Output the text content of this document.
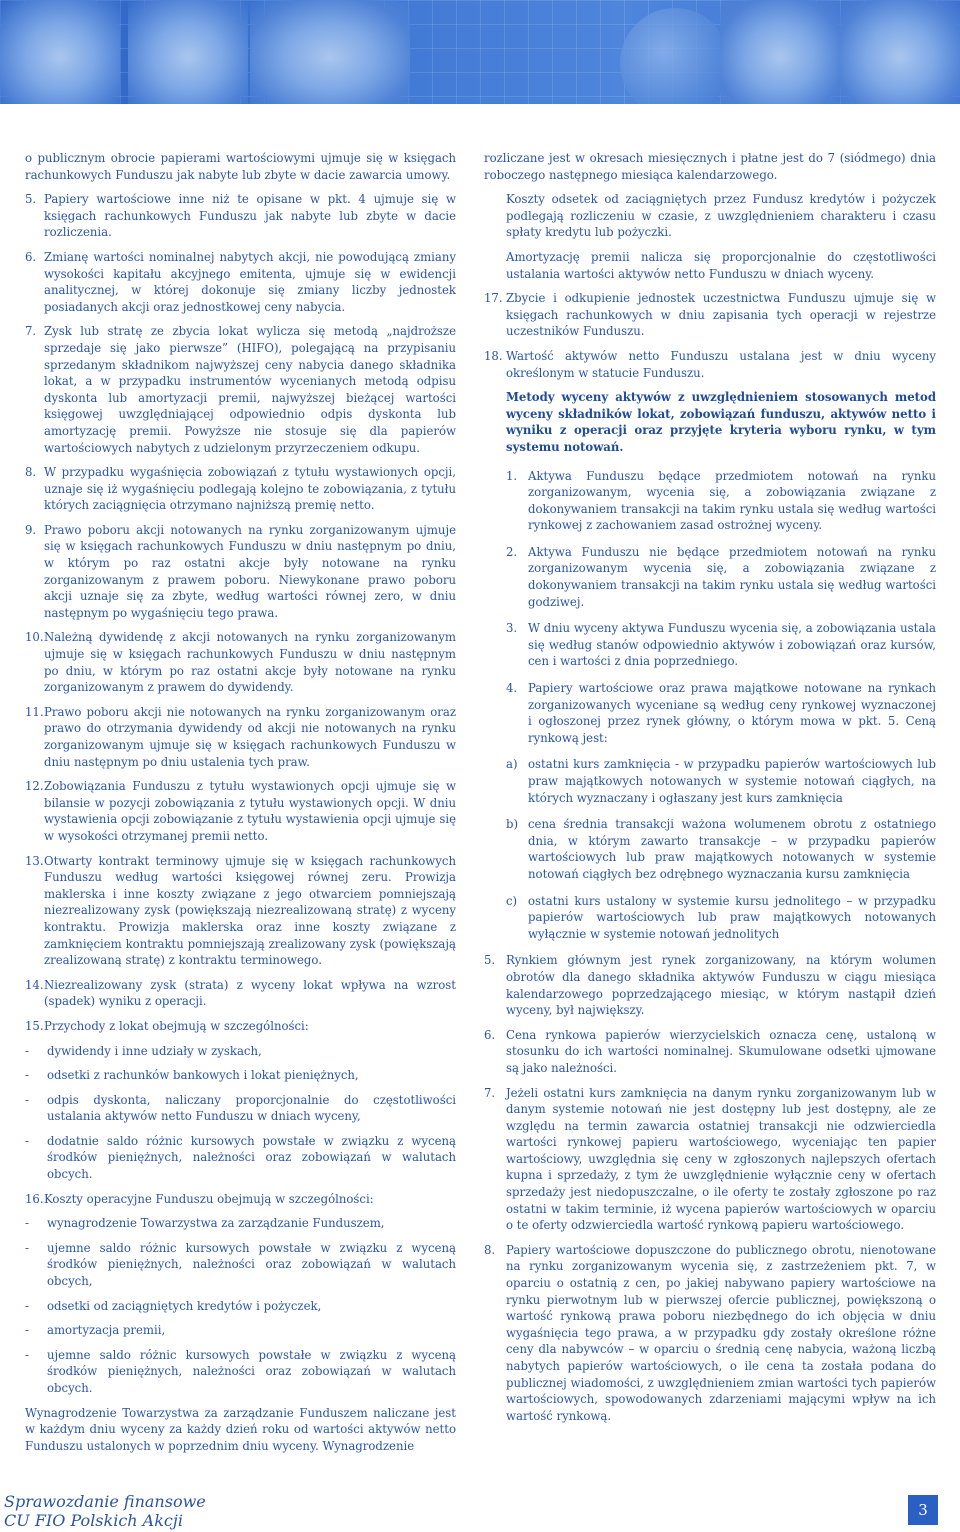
o publicznym obrocie papierami wartościowymi ujmuje się w księgach rachunkowych Funduszu jak nabyte lub zbyte w dacie zawarcia umowy.

5. Papiery wartościowe inne niż te opisane w pkt. 4 ujmuje się w księgach rachunkowych Funduszu jak nabyte lub zbyte w dacie rozliczenia.
6. Zmianę wartości nominalnej nabytych akcji, nie powodującą zmiany wysokości kapitału akcyjnego emitenta, ujmuje się w ewidencji analitycznej, w której dokonuje się zmiany liczby jednostek posiadanych akcji oraz jednostkowej ceny nabycia.
7. Zysk lub stratę ze zbycia lokat wylicza się metodą „najdroższe sprzedaje się jako pierwsze” (HIFO), polegającą na przypisaniu sprzedanym składnikom najwyższej ceny nabycia danego składnika lokat, a w przypadku instrumentów wycenianych metodą odpisu dyskonta lub amortyzacji premii, najwyższej bieżącej wartości księgowej uwzględniającej odpowiednio odpis dyskonta lub amortyzację premii. Powyższe nie stosuje się dla papierów wartościowych nabytych z udzielonym przyrzeczeniem odkupu.
8. W przypadku wygaśnięcia zobowiązań z tytułu wystawionych opcji, uznaje się iż wygaśnięciu podlegają kolejno te zobowiązania, z tytułu których zaciągnięcia otrzymano najniższą premię netto.
9. Prawo poboru akcji notowanych na rynku zorganizowanym ujmuje się w księgach rachunkowych Funduszu w dniu następnym po dniu, w którym po raz ostatni akcje były notowane na rynku zorganizowanym z prawem poboru. Niewykonane prawo poboru akcji uznaje się za zbyte, według wartości równej zero, w dniu następnym po wygaśnięciu tego prawa.
10. Należną dywidendę z akcji notowanych na rynku zorganizowanym ujmuje się w księgach rachunkowych Funduszu w dniu następnym po dniu, w którym po raz ostatni akcje były notowane na rynku zorganizowanym z prawem do dywidendy.
11. Prawo poboru akcji nie notowanych na rynku zorganizowanym oraz prawo do otrzymania dywidendy od akcji nie notowanych na rynku zorganizowanym ujmuje się w księgach rachunkowych Funduszu w dniu następnym po dniu ustalenia tych praw.
12. Zobowiązania Funduszu z tytułu wystawionych opcji ujmuje się w bilansie w pozycji zobowiązania z tytułu wystawionych opcji. W dniu wystawienia opcji zobowiązanie z tytułu wystawienia opcji ujmuje się w wysokości otrzymanej premii netto.
13. Otwarty kontrakt terminowy ujmuje się w księgach rachunkowych Funduszu według wartości księgowej równej zeru. Prowizja maklerska i inne koszty związane z jego otwarciem pomniejszają niezrealizowany zysk (powiększają niezrealizowaną stratę) z wyceny kontraktu. Prowizja maklerska oraz inne koszty związane z zamknięciem kontraktu pomniejszają zrealizowany zysk (powiększają zrealizowaną stratę) z kontraktu terminowego.
14. Niezrealizowany zysk (strata) z wyceny lokat wpływa na wzrost (spadek) wyniku z operacji.
15. Przychody z lokat obejmują w szczególności:
-	dywidendy i inne udziały w zyskach,
-	odsetki z rachunków bankowych i lokat pieniężnych,
-	odpis dyskonta, naliczany proporcjonalnie do częstotliwości ustalania aktywów netto Funduszu w dniach wyceny,
-	dodatnie saldo różnic kursowych powstałe w związku z wyceną środków pieniężnych, należności oraz zobowiązań w walutach obcych.
16. Koszty operacyjne Funduszu obejmują w szczególności:
-	wynagrodzenie Towarzystwa za zarządzanie Funduszem,
-	ujemne saldo różnic kursowych powstałe w związku z wyceną środków pieniężnych, należności oraz zobowiązań w walutach obcych,
-	odsetki od zaciągniętych kredytów i pożyczek,
-	amortyzacja premii,
-	ujemne saldo różnic kursowych powstałe w związku z wyceną środków pieniężnych, należności oraz zobowiązań w walutach obcych.

Wynagrodzenie Towarzystwa za zarządzanie Funduszem naliczane jest w każdym dniu wyceny za każdy dzień roku od wartości aktywów netto Funduszu ustalonych w poprzednim dniu wyceny. Wynagrodzenie

rozliczane jest w okresach miesięcznych i płatne jest do 7 (siódmego) dnia roboczego następnego miesiąca kalendarzowego.

Koszty odsetek od zaciągniętych przez Fundusz kredytów i pożyczek podlegają rozliczeniu w czasie, z uwzględnieniem charakteru i czasu spłaty kredytu lub pożyczki.

Amortyzację premii nalicza się proporcjonalnie do częstotliwości ustalania wartości aktywów netto Funduszu w dniach wyceny.

17. Zbycie i odkupienie jednostek uczestnictwa Funduszu ujmuje się w księgach rachunkowych w dniu zapisania tych operacji w rejestrze uczestników Funduszu.
18. Wartość aktywów netto Funduszu ustalana jest w dniu wyceny określonym w statucie Funduszu.

Metody wyceny aktywów z uwzględnieniem stosowanych metod wyceny składników lokat, zobowiązań funduszu, aktywów netto i wyniku z operacji oraz przyjęte kryteria wyboru rynku, w tym systemu notowań.

1. Aktywa Funduszu będące przedmiotem notowań na rynku zorganizowanym, wycenia się, a zobowiązania związane z dokonywaniem transakcji na takim rynku ustala się według wartości rynkowej z zachowaniem zasad ostrożnej wyceny.
2. Aktywa Funduszu nie będące przedmiotem notowań na rynku zorganizowanym wycenia się, a zobowiązania związane z dokonywaniem transakcji na takim rynku ustala się według wartości godziwej.
3. W dniu wyceny aktywa Funduszu wycenia się, a zobowiązania ustala się według stanów odpowiednio aktywów i zobowiązań oraz kursów, cen i wartości z dnia poprzedniego.
4. Papiery wartościowe oraz prawa majątkowe notowane na rynkach zorganizowanych wyceniane są według ceny rynkowej wyznaczonej i ogłoszonej przez rynek główny, o którym mowa w pkt. 5. Ceną rynkową jest:
a) ostatni kurs zamknięcia - w przypadku papierów wartościowych lub praw majątkowych notowanych w systemie notowań ciągłych, na których wyznaczany i ogłaszany jest kurs zamknięcia
b) cena średnia transakcji ważona wolumenem obrotu z ostatniego dnia, w którym zawarto transakcje – w przypadku papierów wartościowych lub praw majątkowych notowanych w systemie notowań ciągłych bez odrębnego wyznaczania kursu zamknięcia
c) ostatni kurs ustalony w systemie kursu jednolitego – w przypadku papierów wartościowych lub praw majątkowych notowanych wyłącznie w systemie notowań jednolitych
5. Rynkiem głównym jest rynek zorganizowany, na którym wolumen obrotów dla danego składnika aktywów Funduszu w ciągu miesiąca kalendarzowego poprzedzającego miesiąc, w którym nastąpił dzień wyceny, był największy.
6. Cena rynkowa papierów wierzycielskich oznacza cenę, ustaloną w stosunku do ich wartości nominalnej. Skumulowane odsetki ujmowane są jako należności.
7. Jeżeli ostatni kurs zamknięcia na danym rynku zorganizowanym lub w danym systemie notowań nie jest dostępny lub jest dostępny, ale ze względu na termin zawarcia ostatniej transakcji nie odzwierciedla wartości rynkowej papieru wartościowego, wyceniając ten papier wartościowy, uwzględnia się ceny w zgłoszonych najlepszych ofertach kupna i sprzedaży, z tym że uwzględnienie wyłącznie ceny w ofertach sprzedaży jest niedopuszczalne, o ile oferty te zostały zgłoszone po raz ostatni w takim terminie, iż wycena papierów wartościowych w oparciu o te oferty odzwierciedla wartość rynkową papieru wartościowego.
8. Papiery wartościowe dopuszczone do publicznego obrotu, nienotowane na rynku zorganizowanym wycenia się, z zastrzeżeniem pkt. 7, w oparciu o ostatnią z cen, po jakiej nabywano papiery wartościowe na rynku pierwotnym lub w pierwszej ofercie publicznej, powiększoną o wartość rynkową prawa poboru niezbędnego do ich objęcia w dniu wygaśnięcia tego prawa, a w przypadku gdy zostały określone różne ceny dla nabywców – w oparciu o średnią cenę nabycia, ważoną liczbą nabytych papierów wartościowych, o ile cena ta została podana do publicznej wiadomości, z uwzględnieniem zmian wartości tych papierów wartościowych, spowodowanych zdarzeniami mającymi wpływ na ich wartość rynkową.
Sprawozdanie finansowe
CU FIO Polskich Akcji
3
